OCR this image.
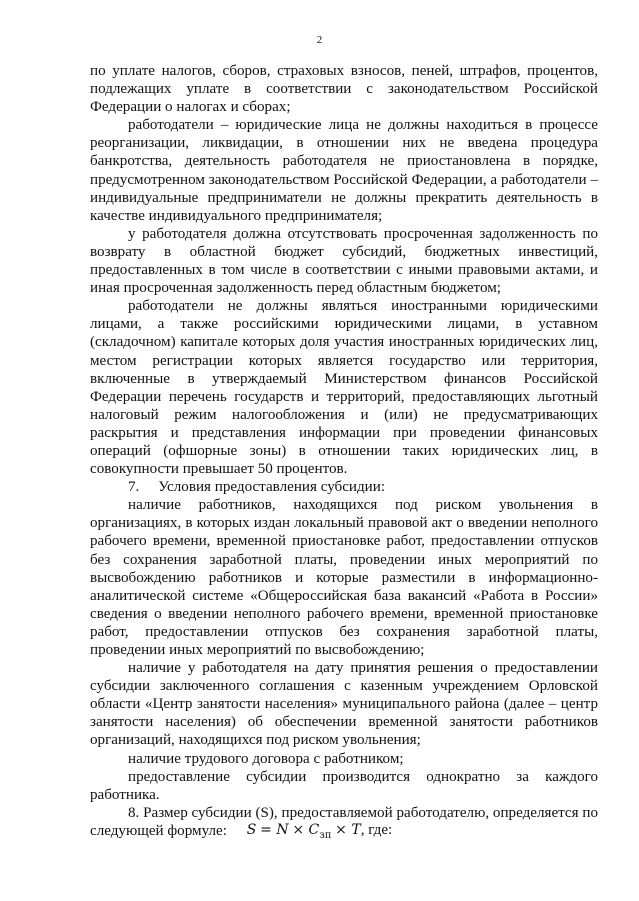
2

по уплате налогов, сборов, страховых взносов, пеней, штрафов, процентов, подлежащих уплате в соответствии с законодательством Российской Федерации о налогах и сборах;

работодатели – юридические лица не должны находиться в процессе реорганизации, ликвидации, в отношении них не введена процедура банкротства, деятельность работодателя не приостановлена в порядке, предусмотренном законодательством Российской Федерации, а работодатели – индивидуальные предприниматели не должны прекратить деятельность в качестве индивидуального предпринимателя;

у работодателя должна отсутствовать просроченная задолженность по возврату в областной бюджет субсидий, бюджетных инвестиций, предоставленных в том числе в соответствии с иными правовыми актами, и иная просроченная задолженность перед областным бюджетом;

работодатели не должны являться иностранными юридическими лицами, а также российскими юридическими лицами, в уставном (складочном) капитале которых доля участия иностранных юридических лиц, местом регистрации которых является государство или территория, включенные в утверждаемый Министерством финансов Российской Федерации перечень государств и территорий, предоставляющих льготный налоговый режим налогообложения и (или) не предусматривающих раскрытия и представления информации при проведении финансовых операций (офшорные зоны) в отношении таких юридических лиц, в совокупности превышает 50 процентов.

7.     Условия предоставления субсидии:

наличие работников, находящихся под риском увольнения в организациях, в которых издан локальный правовой акт о введении неполного рабочего времени, временной приостановке работ, предоставлении отпусков без сохранения заработной платы, проведении иных мероприятий по высвобождению работников и которые разместили в информационно-аналитической системе «Общероссийская база вакансий «Работа в России» сведения о введении неполного рабочего времени, временной приостановке работ, предоставлении отпусков без сохранения заработной платы, проведении иных мероприятий по высвобождению;

наличие у работодателя на дату принятия решения о предоставлении субсидии заключенного соглашения с казенным учреждением Орловской области «Центр занятости населения» муниципального района (далее – центр занятости населения) об обеспечении временной занятости работников организаций, находящихся под риском увольнения;

наличие трудового договора с работником;

предоставление субсидии производится однократно за каждого работника.

8. Размер субсидии (S), предоставляемой работодателю, определяется по следующей формуле:	$S = N \times C_{зп} \times T$, где:
